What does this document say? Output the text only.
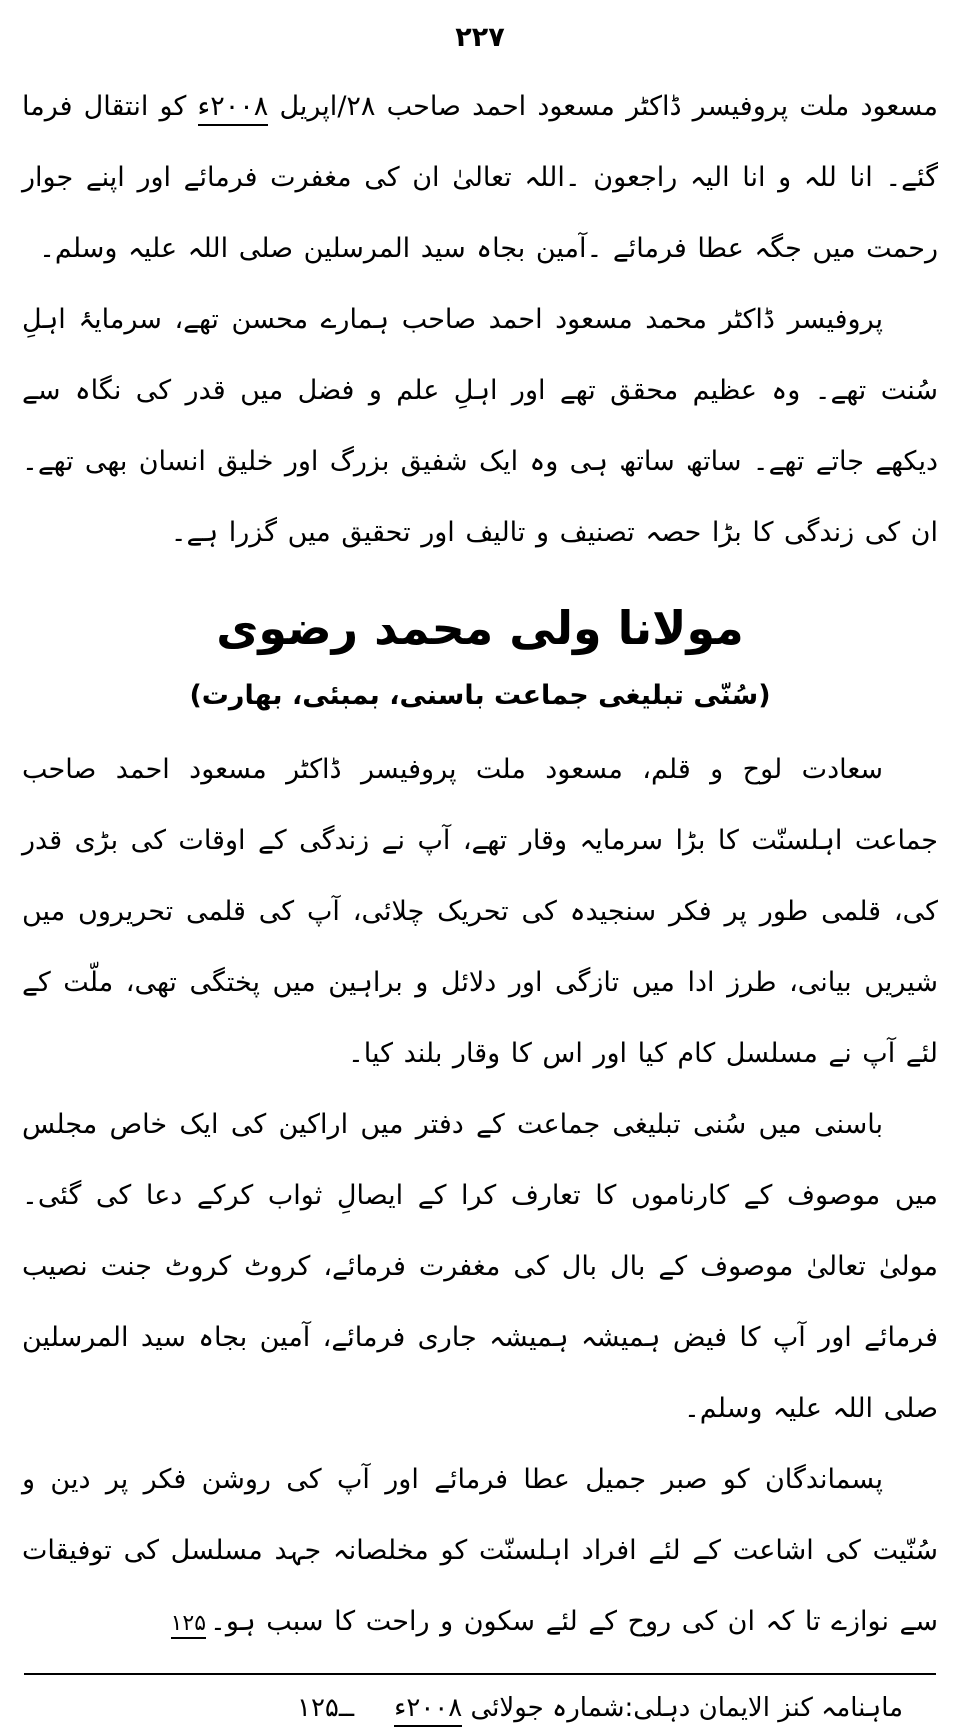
۲۲۷

مسعود ملت پروفیسر ڈاکٹر مسعود احمد صاحب ۲۸/اپریل ۲۰۰۸ء کو انتقال فرما گئے۔ انا للہ و انا الیہ راجعون ۔اللہ تعالیٰ ان کی مغفرت فرمائے اور اپنے جوار رحمت میں جگہ عطا فرمائے ۔آمین بجاہ سید المرسلین صلی اللہ علیہ وسلم۔

پروفیسر ڈاکٹر محمد مسعود احمد صاحب ہمارے محسن تھے، سرمایۂ اہلِ سُنت تھے۔ وہ عظیم محقق تھے اور اہلِ علم و فضل میں قدر کی نگاہ سے دیکھے جاتے تھے۔ ساتھ ساتھ ہی وہ ایک شفیق بزرگ اور خلیق انسان بھی تھے۔ ان کی زندگی کا بڑا حصہ تصنیف و تالیف اور تحقیق میں گزرا ہے۔

مولانا ولی محمد رضوی
(سُنّی تبلیغی جماعت باسنی، بمبئی، بھارت)

سعادت لوح و قلم، مسعود ملت پروفیسر ڈاکٹر مسعود احمد صاحب جماعت اہلسنّت کا بڑا سرمایہ وقار تھے، آپ نے زندگی کے اوقات کی بڑی قدر کی، قلمی طور پر فکر سنجیدہ کی تحریک چلائی، آپ کی قلمی تحریروں میں شیریں بیانی، طرز ادا میں تازگی اور دلائل و براہین میں پختگی تھی، ملّت کے لئے آپ نے مسلسل کام کیا اور اس کا وقار بلند کیا۔

باسنی میں سُنی تبلیغی جماعت کے دفتر میں اراکین کی ایک خاص مجلس میں موصوف کے کارناموں کا تعارف کرا کے ایصالِ ثواب کرکے دعا کی گئی۔ مولیٰ تعالیٰ موصوف کے بال بال کی مغفرت فرمائے، کروٹ کروٹ جنت نصیب فرمائے اور آپ کا فیض ہمیشہ ہمیشہ جاری فرمائے، آمین بجاہ سید المرسلین صلی اللہ علیہ وسلم۔

پسماندگان کو صبر جمیل عطا فرمائے اور آپ کی روشن فکر پر دین و سُنّیت کی اشاعت کے لئے افراد اہلسنّت کو مخلصانہ جہد مسلسل کی توفیقات سے نوازے تا کہ ان کی روح کے لئے سکون و راحت کا سبب ہو۔۱۲۵

۱۲۵ــ	ماہنامہ کنز الایمان دہلی:شمارہ جولائی ۲۰۰۸ء
